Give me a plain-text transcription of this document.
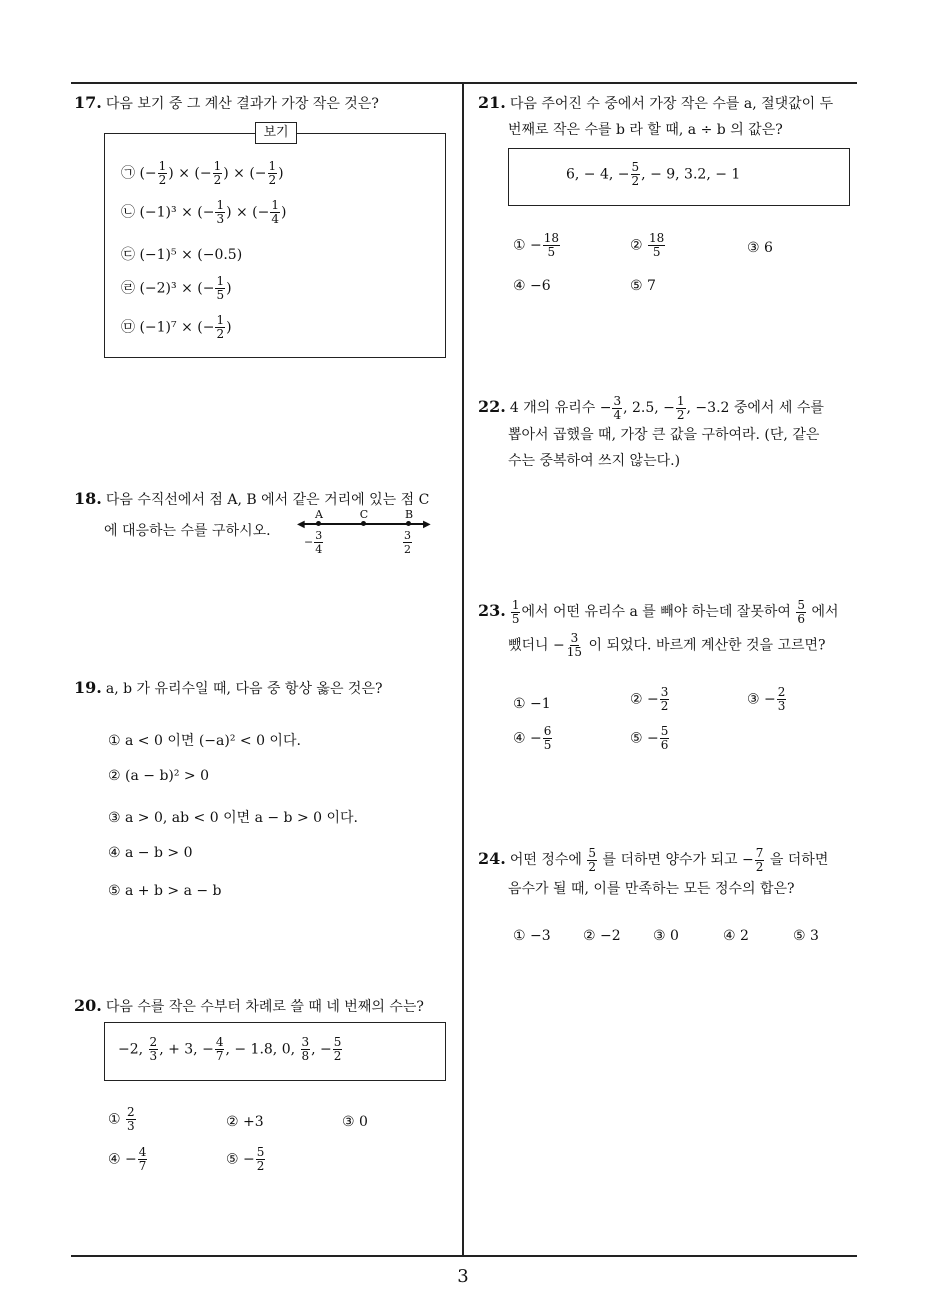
17. 다음 보기 중 그 계산 결과가 가장 작은 것은?
보기
㉠ (− $\frac{1}{2}$ ) × (− $\frac{1}{2}$ ) × (− $\frac{1}{2}$ )
㉡ (−1)³ × (− $\frac{1}{3}$ ) × (− $\frac{1}{4}$ )
㉢ (−1)⁵ × (−0.5)
㉣ (−2)³ × (− $\frac{1}{5}$ )
㉤ (−1)⁷ × (− $\frac{1}{2}$ )
18. 다음 수직선에서 점 A, B 에서 같은 거리에 있는 점 C
에 대응하는 수를 구하시오.	◀	▶
A	C	B
− $\frac{3}{4}$	$\frac{3}{2}$
19. a, b 가 유리수일 때, 다음 중 항상 옳은 것은?
① a < 0 이면 (−a)² < 0 이다.
② (a − b)² > 0
③ a > 0, ab < 0 이면 a − b > 0 이다.
④ a − b > 0
⑤ a + b > a − b
20. 다음 수를 작은 수부터 차례로 쓸 때 네 번째의 수는?
−2, $\frac{2}{3}$ , + 3, − $\frac{4}{7}$ , − 1.8, 0, $\frac{3}{8}$ , − $\frac{5}{2}$
① $\frac{2}{3}$	② +3	③ 0
④ − $\frac{4}{7}$	⑤ − $\frac{5}{2}$
21. 다음 주어진 수 중에서 가장 작은 수를 a, 절댓값이 두
번째로 작은 수를 b 라 할 때, a ÷ b 의 값은?
6, − 4, − $\frac{5}{2}$ , − 9, 3.2, − 1
① − $\frac{18}{5}$	② $\frac{18}{5}$	③ 6
④ −6	⑤ 7
22. 4 개의 유리수 − $\frac{3}{4}$ , 2.5, − $\frac{1}{2}$ , −3.2 중에서 세 수를
뽑아서 곱했을 때, 가장 큰 값을 구하여라. (단, 같은
수는 중복하여 쓰지 않는다.)
23. $\frac{1}{5}$ 에서 어떤 유리수 a 를 빼야 하는데 잘못하여 $\frac{5}{6}$ 에서
뺐더니 − $\frac{3}{15}$ 이 되었다. 바르게 계산한 것을 고르면?
① −1	② − $\frac{3}{2}$	③ − $\frac{2}{3}$
④ − $\frac{6}{5}$	⑤ − $\frac{5}{6}$
24. 어떤 정수에 $\frac{5}{2}$ 를 더하면 양수가 되고 − $\frac{7}{2}$ 을 더하면
음수가 될 때, 이를 만족하는 모든 정수의 합은?
① −3 ② −2 ③ 0	④ 2	⑤ 3
3
